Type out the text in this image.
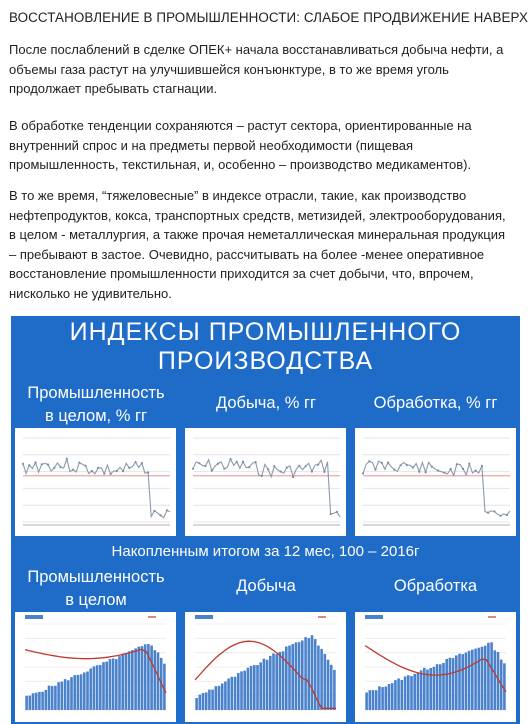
ВОССТАНОВЛЕНИЕ В ПРОМЫШЛЕННОСТИ: СЛАБОЕ ПРОДВИЖЕНИЕ НАВЕРХ
После послаблений в сделке ОПЕК+ начала восстанавливаться добыча нефти, а
объемы газа растут на улучшившейся конъюнктуре, в то же время уголь
продолжает пребывать стагнации.
В обработке тенденции сохраняются – растут сектора, ориентированные на
внутренний спрос и на предметы первой необходимости (пищевая
промышленность, текстильная, и, особенно – производство медикаментов).
В то же время, “тяжеловесные” в индексе отрасли, такие, как производство
нефтепродуктов, кокса, транспортных средств, метизидей, электрооборудования,
в целом - металлургия, а также прочая неметаллическая минеральная продукция
– пребывают в застое. Очевидно, рассчитывать на более -менее оперативное
восстановление промышленности приходится за счет добычи, что, впрочем,
нисколько не удивительно.
ИНДЕКСЫ ПРОМЫШЛЕННОГО
ПРОИЗВОДСТВА
Промышленность
в целом, % гг
Добыча, % гг	Обработка, % гг
Накопленным итогом за 12 мес, 100 – 2016г
Промышленность
в целом
Добыча	Обработка
